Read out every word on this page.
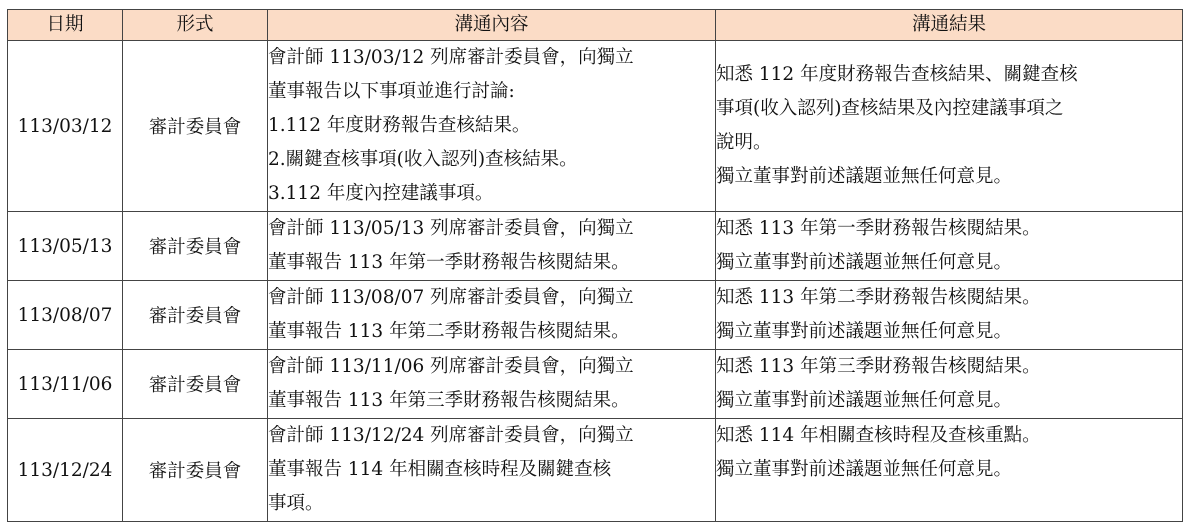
日期	形式	溝通內容	溝通結果
113/03/12	審計委員會	會計師 113/03/12 列席審計委員會，向獨立
董事報告以下事項並進行討論:
1.112 年度財務報告查核結果。
2.關鍵查核事項(收入認列)查核結果。
3.112 年度內控建議事項。	知悉 112 年度財務報告查核結果、關鍵查核
事項(收入認列)查核結果及內控建議事項之
說明。
獨立董事對前述議題並無任何意見。

113/05/13	審計委員會	會計師 113/05/13 列席審計委員會，向獨立
董事報告 113 年第一季財務報告核閱結果。	知悉 113 年第一季財務報告核閱結果。
獨立董事對前述議題並無任何意見。

113/08/07	審計委員會	會計師 113/08/07 列席審計委員會，向獨立
董事報告 113 年第二季財務報告核閱結果。	知悉 113 年第二季財務報告核閱結果。
獨立董事對前述議題並無任何意見。

113/11/06	審計委員會	會計師 113/11/06 列席審計委員會，向獨立
董事報告 113 年第三季財務報告核閱結果。	知悉 113 年第三季財務報告核閱結果。
獨立董事對前述議題並無任何意見。

113/12/24	審計委員會	會計師 113/12/24 列席審計委員會，向獨立
董事報告 114 年相關查核時程及關鍵查核
事項。	知悉 114 年相關查核時程及查核重點。
獨立董事對前述議題並無任何意見。
